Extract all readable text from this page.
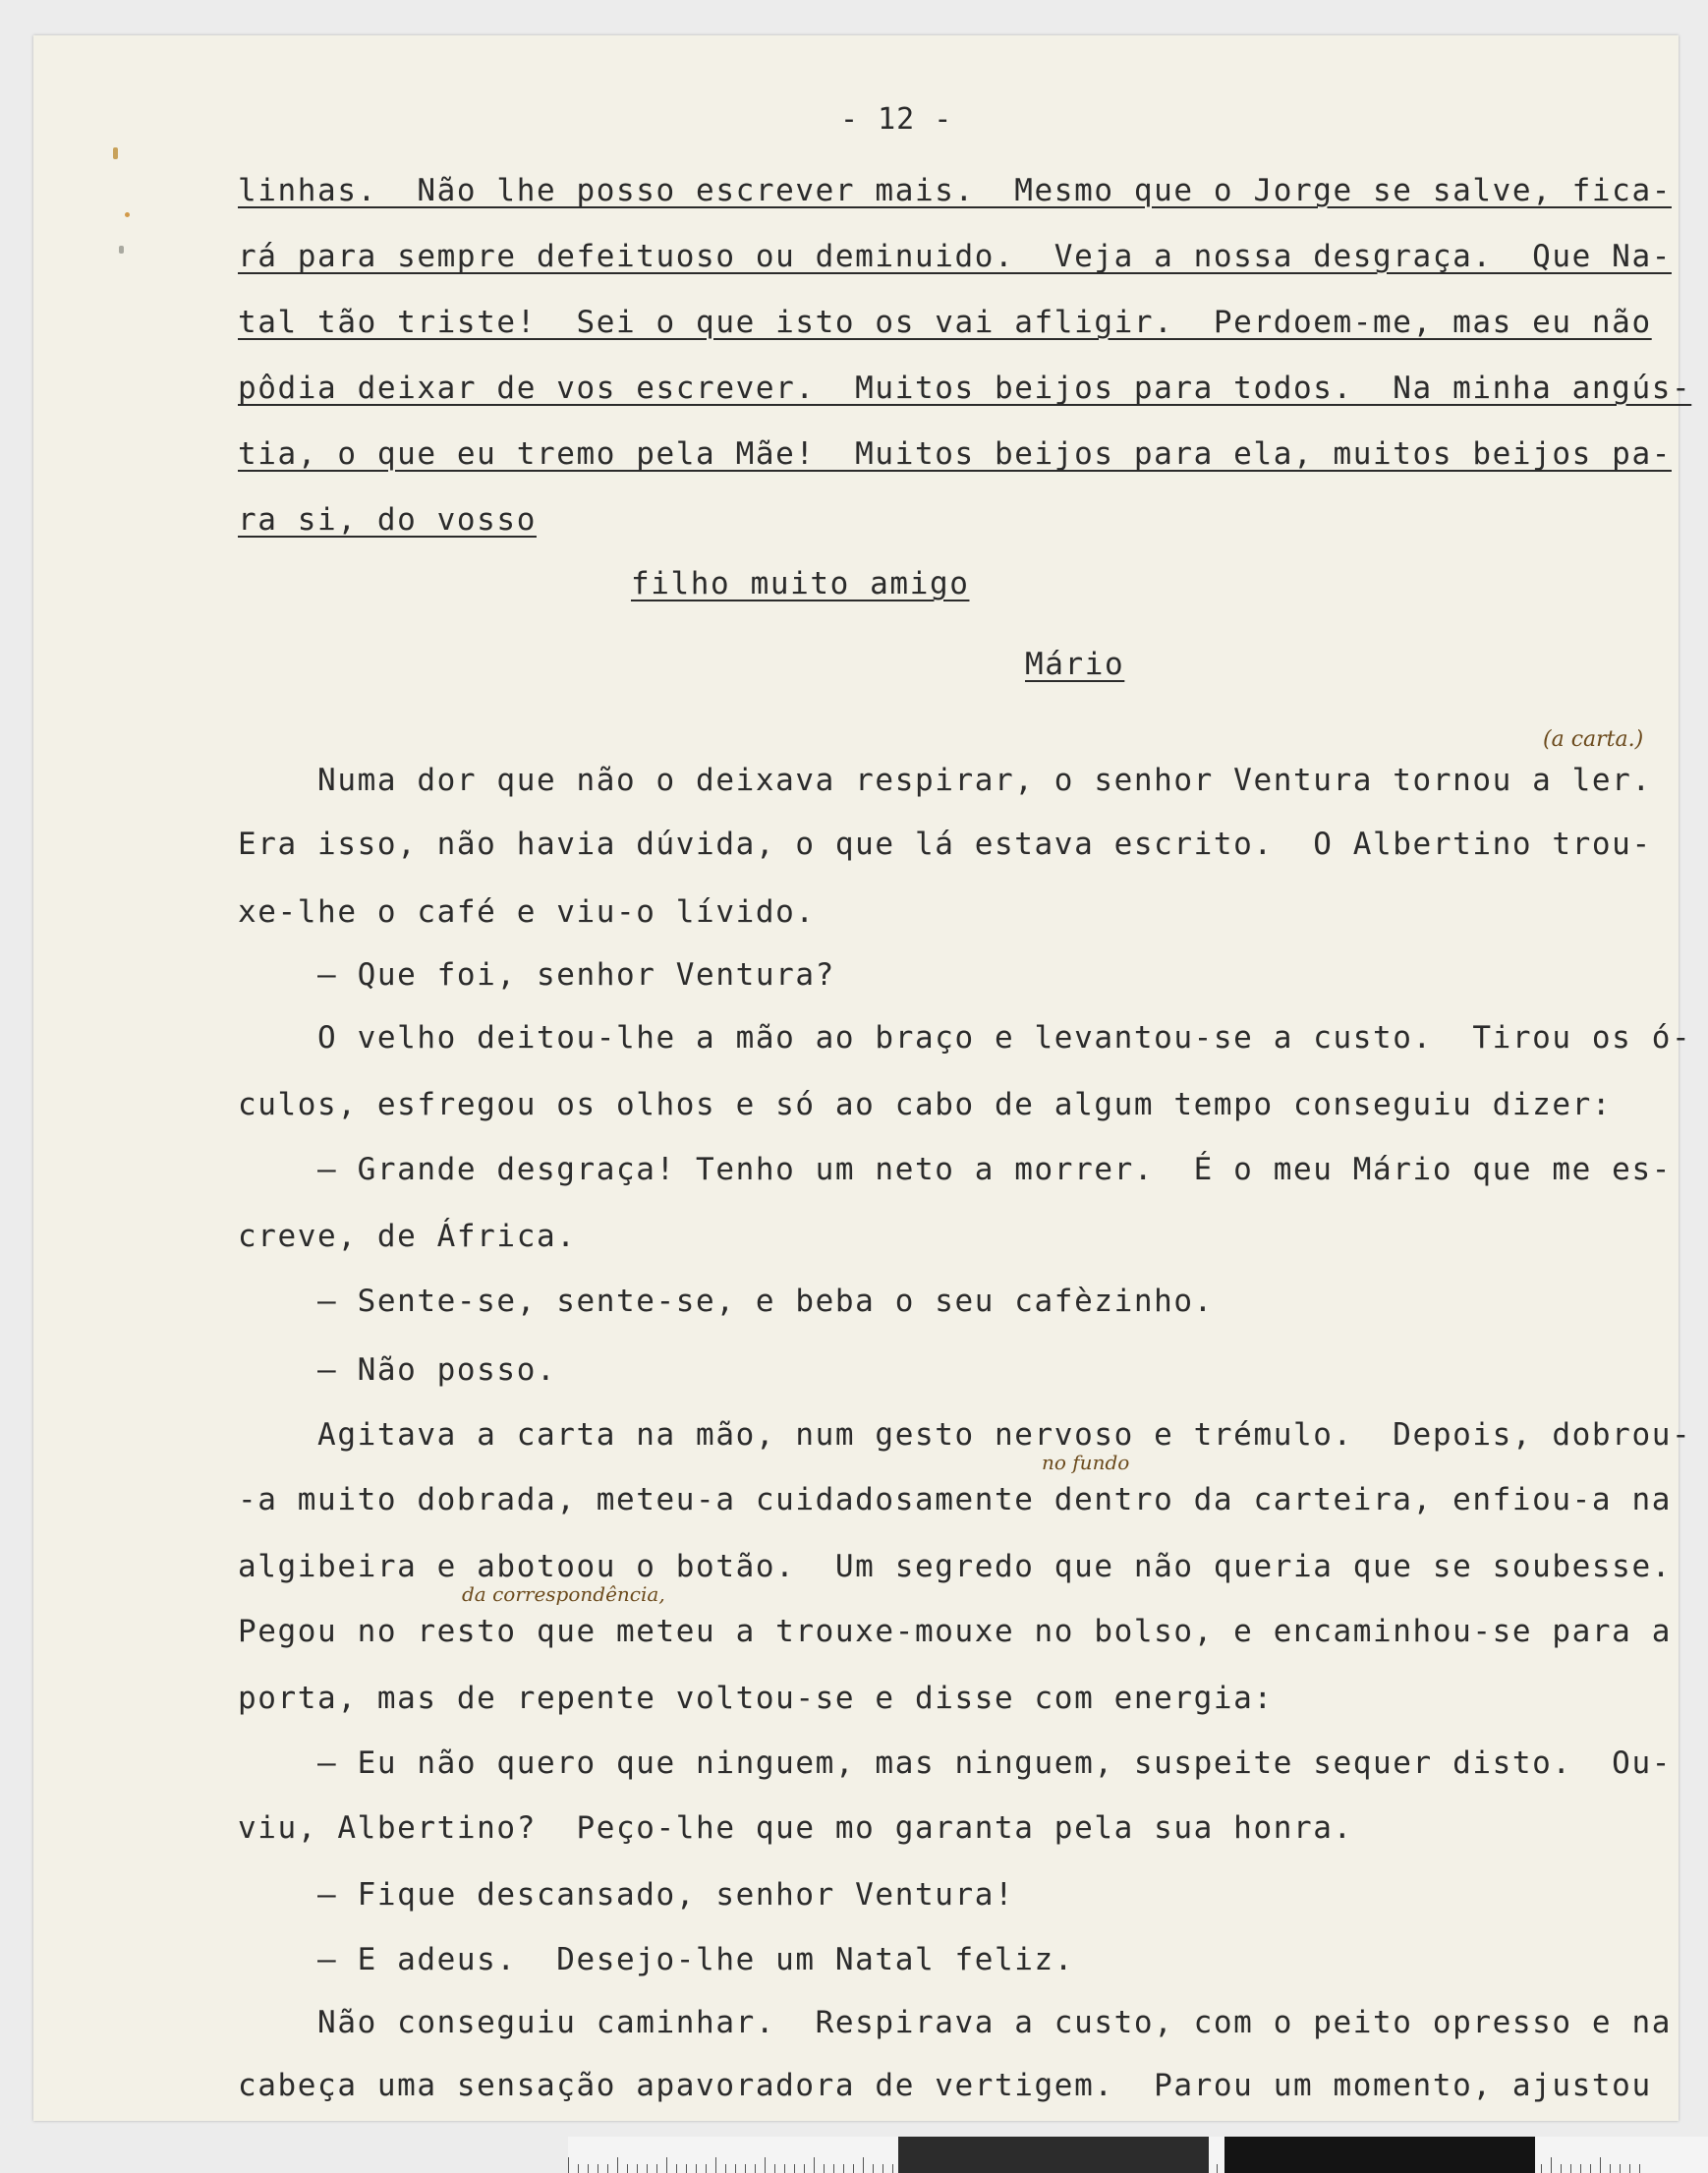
- 12 -
linhas.  Não lhe posso escrever mais.  Mesmo que o Jorge se salve, fica-
rá para sempre defeituoso ou deminuido.  Veja a nossa desgraça.  Que Na-
tal tão triste!  Sei o que isto os vai afligir.  Perdoem-me, mas eu não
pôdia deixar de vos escrever.  Muitos beijos para todos.  Na minha angús-
tia, o que eu tremo pela Mãe!  Muitos beijos para ela, muitos beijos pa-
ra si, do vosso
filho muito amigo
Mário
(a carta.)
no fundo
da correspondência,
Numa dor que não o deixava respirar, o senhor Ventura tornou a ler.
Era isso, não havia dúvida, o que lá estava escrito.  O Albertino trou-
xe-lhe o café e viu-o lívido.
— Que foi, senhor Ventura?
O velho deitou-lhe a mão ao braço e levantou-se a custo.  Tirou os ó-
culos, esfregou os olhos e só ao cabo de algum tempo conseguiu dizer:
— Grande desgraça! Tenho um neto a morrer.  É o meu Mário que me es-
creve, de África.
— Sente-se, sente-se, e beba o seu cafèzinho.
— Não posso.
Agitava a carta na mão, num gesto nervoso e trémulo.  Depois, dobrou-
-a muito dobrada, meteu-a cuidadosamente dentro da carteira, enfiou-a na
algibeira e abotoou o botão.  Um segredo que não queria que se soubesse.
Pegou no resto que meteu a trouxe-mouxe no bolso, e encaminhou-se para a
porta, mas de repente voltou-se e disse com energia:
— Eu não quero que ninguem, mas ninguem, suspeite sequer disto.  Ou-
viu, Albertino?  Peço-lhe que mo garanta pela sua honra.
— Fique descansado, senhor Ventura!
— E adeus.  Desejo-lhe um Natal feliz.
Não conseguiu caminhar.  Respirava a custo, com o peito opresso e na
cabeça uma sensação apavoradora de vertigem.  Parou um momento, ajustou
